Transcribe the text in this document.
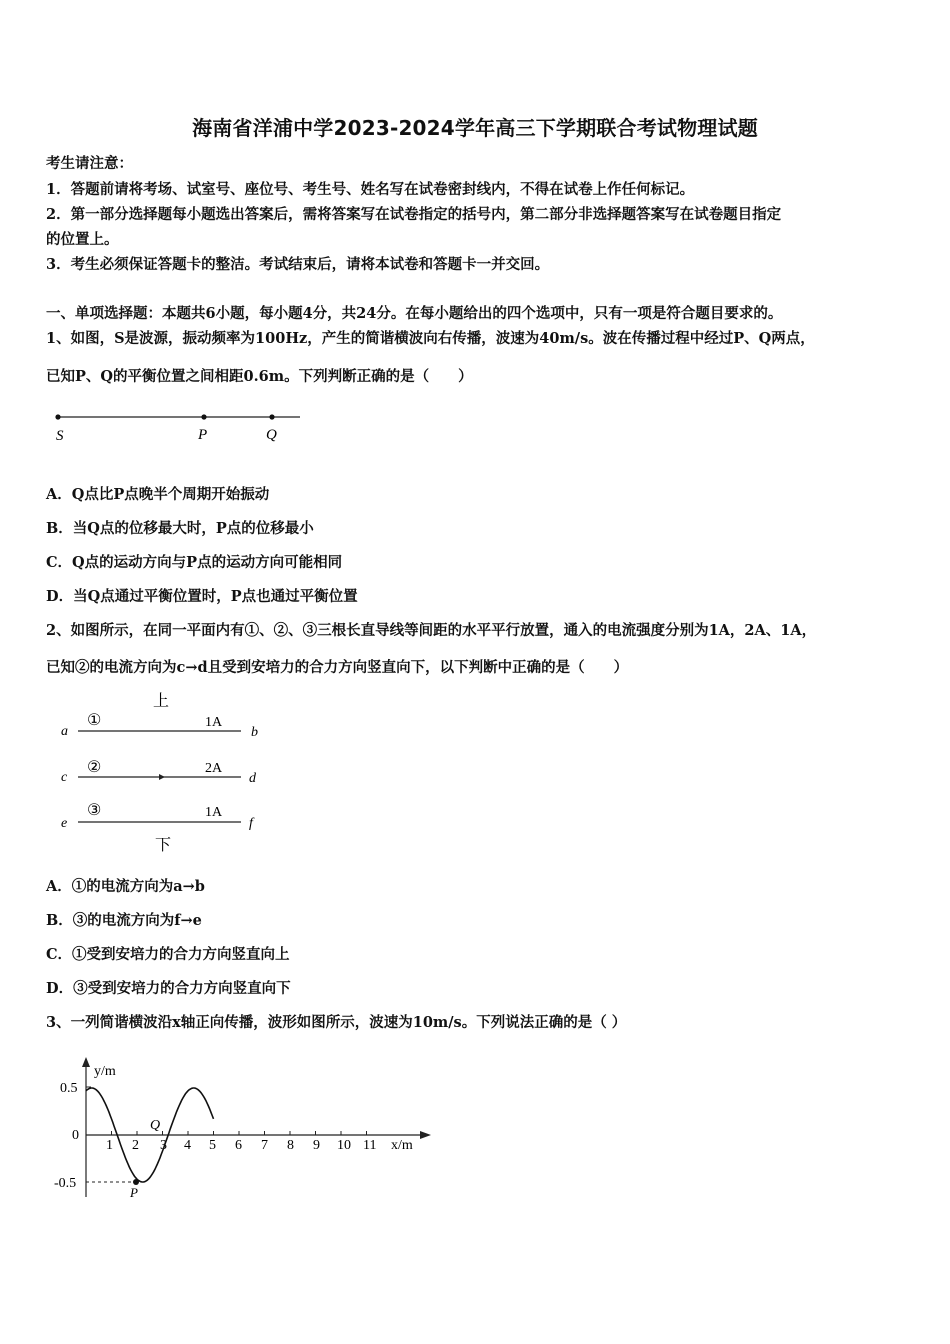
海南省洋浦中学2023-2024学年高三下学期联合考试物理试题
考生请注意：
1．答题前请将考场、试室号、座位号、考生号、姓名写在试卷密封线内，不得在试卷上作任何标记。
2．第一部分选择题每小题选出答案后，需将答案写在试卷指定的括号内，第二部分非选择题答案写在试卷题目指定
的位置上。
3．考生必须保证答题卡的整洁。考试结束后，请将本试卷和答题卡一并交回。
一、单项选择题：本题共6小题，每小题4分，共24分。在每小题给出的四个选项中，只有一项是符合题目要求的。
1、如图，S是波源，振动频率为100Hz，产生的简谐横波向右传播，波速为40m/s。波在传播过程中经过P、Q两点，
已知P、Q的平衡位置之间相距0.6m。下列判断正确的是（　　）
S	P	Q
A．Q点比P点晚半个周期开始振动
B．当Q点的位移最大时，P点的位移最小
C．Q点的运动方向与P点的运动方向可能相同
D．当Q点通过平衡位置时，P点也通过平衡位置
2、如图所示，在同一平面内有①、②、③三根长直导线等间距的水平平行放置，通入的电流强度分别为1A，2A、1A，
已知②的电流方向为c→d且受到安培力的合力方向竖直向下，以下判断中正确的是（　　）
上
①	1A
a	b
②	2A
c	d
③	1A
e	f
下
A．①的电流方向为a→b
B．③的电流方向为f→e
C．①受到安培力的合力方向竖直向上
D．③受到安培力的合力方向竖直向下
3、一列简谐横波沿x轴正向传播，波形如图所示，波速为10m/s。下列说法正确的是（ ）
y/m
x/m
0.5
0
-0.5
1 2 3 4 5 6 7 8 9 10 11
Q
P
